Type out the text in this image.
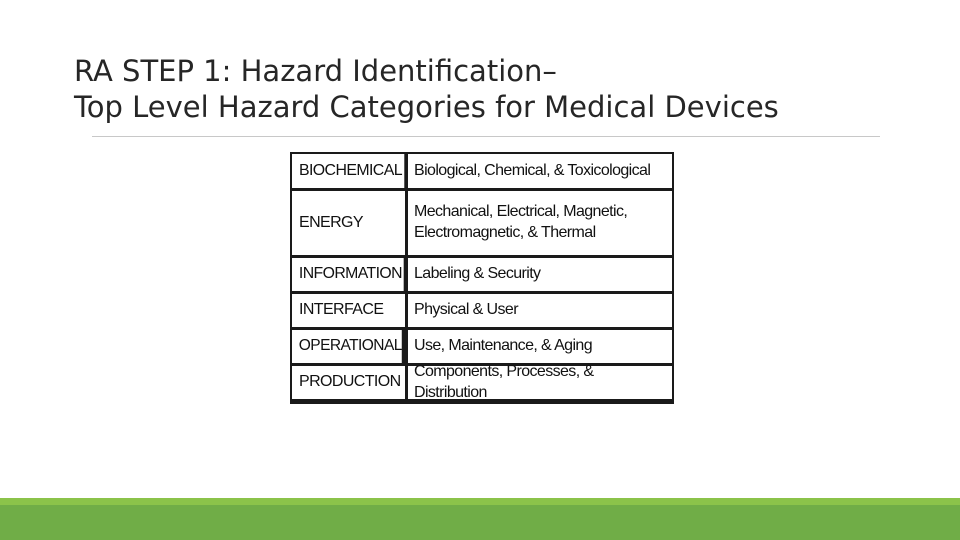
RA STEP 1: Hazard Identification–
Top Level Hazard Categories for Medical Devices
BIOCHEMICAL Biological, Chemical, & Toxicological
ENERGY
Mechanical, Electrical, Magnetic, Electromagnetic, & Thermal
INFORMATION Labeling & Security
INTERFACE	Physical & User
OPERATIONAL Use, Maintenance, & Aging
PRODUCTION
Components, Processes, & Distribution
